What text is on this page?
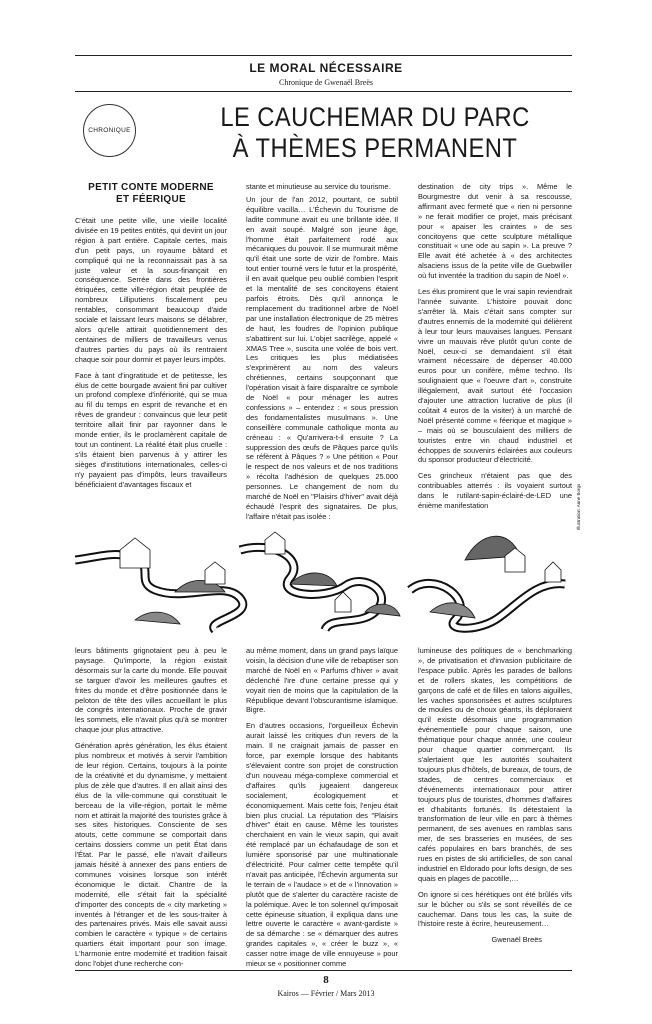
LE MORAL NÉCESSAIRE
Chronique de Gwenaël Breës
CHRONIQUE	LE CAUCHEMAR DU PARC
À THÈMES PERMANENT
PETIT CONTE MODERNE
ET FÉERIQUE

C'était une petite ville, une vieille localité divisée en 19 petites entités, qui devint un jour région à part entière. Capitale certes, mais d'un petit pays, un royaume bâtard et compliqué qui ne la reconnaissait pas à sa juste valeur et la sous-finançait en conséquence. Serrée dans des frontières étriquées, cette ville-région était peuplée de nombreux Lilliputiens fiscalement peu rentables, consommant beaucoup d'aide sociale et laissant leurs maisons se délabrer, alors qu'elle attirait quotidiennement des centaines de milliers de travailleurs venus d'autres parties du pays où ils rentraient chaque soir pour dormir et payer leurs impôts.

Face à tant d'ingratitude et de petitesse, les élus de cette bourgade avaient fini par cultiver un profond complexe d'infériorité, qui se mua au fil du temps en esprit de revanche et en rêves de grandeur : convaincus que leur petit territoire allait finir par rayonner dans le monde entier, ils le proclamèrent capitale de tout un continent. La réalité était plus cruelle : s'ils étaient bien parvenus à y attirer les sièges d'institutions internationales, celles-ci n'y payaient pas d'impôts, leurs travailleurs bénéficiaient d'avantages fiscaux et

stante et minutieuse au service du tourisme.

Un jour de l'an 2012, pourtant, ce subtil équilibre vacilla… L'Échevin du Tourisme de ladite commune avait eu une brillante idée. Il en avait soupé. Malgré son jeune âge, l'homme était parfaitement rodé aux mécaniques du pouvoir. Il se murmurait même qu'il était une sorte de vizir de l'ombre. Mais tout entier tourné vers le futur et la prospérité, il en avait quelque peu oublié combien l'esprit et la mentalité de ses concitoyens étaient parfois étroits. Dès qu'il annonça le remplacement du traditionnel arbre de Noël par une installation électronique de 25 mètres de haut, les foudres de l'opinion publique s'abattirent sur lui. L'objet sacrilège, appelé « XMAS Tree », suscita une volée de bois vert. Les critiques les plus médiatisées s'exprimèrent au nom des valeurs chrétiennes, certains soupçonnant que l'opération visait à faire disparaître ce symbole de Noël « pour ménager les autres confessions » – entendez : « sous pression des fondamentalistes musulmans ». Une conseillère communale catholique monta au créneau : « Qu'arrivera-t-il ensuite ? La suppression des œufs de Pâques parce qu'ils se réfèrent à Pâques ? » Une pétition « Pour le respect de nos valeurs et de nos traditions » récolta l'adhésion de quelques 25.000 personnes. Le changement de nom du marché de Noël en "Plaisirs d'hiver" avait déjà échaudé l'esprit des signataires. De plus, l'affaire n'était pas isolée :

destination de city trips ». Même le Bourgmestre dut venir à sa rescousse, affirmant avec fermeté que « rien ni personne » ne ferait modifier ce projet, mais précisant pour « apaiser les craintes » de ses concitoyens que cette sculpture métallique constituait « une ode au sapin ». La preuve ? Elle avait été achetée à « des architectes alsaciens issus de la petite ville de Guebwiller où fut inventée la tradition du sapin de Noël ».

Les élus promirent que le vrai sapin reviendrait l'année suivante. L'histoire pouvait donc s'arrêter là. Mais c'était sans compter sur d'autres ennemis de la modernité qui délièrent à leur tour leurs mauvaises langues. Pensant vivre un mauvais rêve plutôt qu'un conte de Noël, ceux-ci se demandaient s'il était vraiment nécessaire de dépenser 40.000 euros pour un conifère, même techno. Ils soulignaient que « l'oeuvre d'art », construite illégalement, avait surtout été l'occasion d'ajouter une attraction lucrative de plus (il coûtait 4 euros de la visiter) à un marché de Noël présenté comme « féerique et magique » – mais où se bousculaient des milliers de touristes entre vin chaud industriel et échoppes de souvenirs éclairées aux couleurs du sponsor producteur d'électricité.

Ces grincheux n'étaient pas que des contribuables atterrés : ils voyaient surtout dans le rutilant-sapin-éclairé-de-LED une énième manifestation	Illustration: Anne Borgs

leurs bâtiments grignotaient peu à peu le paysage. Qu'importe, la région existait désormais sur la carte du monde. Elle pouvait se targuer d'avoir les meilleures gaufres et frites du monde et d'être positionnée dans le peloton de tête des villes accueillant le plus de congrès internationaux. Proche de gravir les sommets, elle n'avait plus qu'à se montrer chaque jour plus attractive.

Génération après génération, les élus étaient plus nombreux et motivés à servir l'ambition de leur région. Certains, toujours à la pointe de la créativité et du dynamisme, y mettaient plus de zèle que d'autres. Il en allait ainsi des élus de la ville-commune qui constituait le berceau de la ville-région, portait le même nom et attirait la majorité des touristes grâce à ses sites historiques. Consciente de ses atouts, cette commune se comportait dans certains dossiers comme un petit État dans l'État. Par le passé, elle n'avait d'ailleurs jamais hésité à annexer des pans entiers de communes voisines lorsque son intérêt économique le dictait. Chantre de la modernité, elle s'était fait la spécialité d'importer des concepts de « city marketing » inventés à l'étranger et de les sous-traiter à des partenaires privés. Mais elle savait aussi combien le caractère « typique » de certains quartiers était important pour son image. L'harmonie entre modernité et tradition faisait donc l'objet d'une recherche con-

au même moment, dans un grand pays laïque voisin, la décision d'une ville de rebaptiser son marché de Noël en « Parfums d'hiver » avait déclenché l'ire d'une certaine presse qui y voyait rien de moins que la capitulation de la République devant l'obscurantisme islamique. Bigre.

En d'autres occasions, l'orgueilleux Échevin aurait laissé les critiques d'un revers de la main. Il ne craignait jamais de passer en force, par exemple lorsque des habitants s'élevaient contre son projet de construction d'un nouveau méga-complexe commercial et d'affaires qu'ils jugeaient dangereux socialement, écologiquement et économiquement. Mais cette fois, l'enjeu était bien plus crucial. La réputation des "Plaisirs d'hiver" était en cause. Même les touristes cherchaient en vain le vieux sapin, qui avait été remplacé par un échafaudage de son et lumière sponsorisé par une multinationale d'électricité. Pour calmer cette tempête qu'il n'avait pas anticipée, l'Échevin argumenta sur le terrain de « l'audace » et de « l'innovation » plutôt que de s'alerter du caractère raciste de la polémique. Avec le ton solennel qu'imposait cette épineuse situation, il expliqua dans une lettre ouverte le caractère « avant-gardiste » de sa démarche : se « démarquer des autres grandes capitales », « créer le buzz », « casser notre image de ville ennuyeuse » pour mieux se « positionner comme

lumineuse des politiques de « benchmarking », de privatisation et d'invasion publicitaire de l'espace public. Après les parades de ballons et de rollers skates, les compétitions de garçons de café et de filles en talons aiguilles, les vaches sponsorisées et autres sculptures de moules ou de choux géants, ils déploraient qu'il existe désormais une programmation événementielle pour chaque saison, une thématique pour chaque année, une couleur pour chaque quartier commerçant. Ils s'alertaient que les autorités souhaitent toujours plus d'hôtels, de bureaux, de tours, de stades, de centres commerciaux et d'événements internationaux pour attirer toujours plus de touristes, d'hommes d'affaires et d'habitants fortunés. Ils détestaient la transformation de leur ville en parc à thèmes permanent, de ses avenues en ramblas sans mer, de ses brasseries en musées, de ses cafés populaires en bars branchés, de ses rues en pistes de ski artificielles, de son canal industriel en Eldorado pour lofts design, de ses quais en plages de pacotille,…

On ignore si ces hérétiques ont été brûlés vifs sur le bûcher ou s'ils se sont réveillés de ce cauchemar. Dans tous les cas, la suite de l'histoire reste à écrire, heureusement…

Gwenaël Breës

8
Kairos — Février / Mars 2013
